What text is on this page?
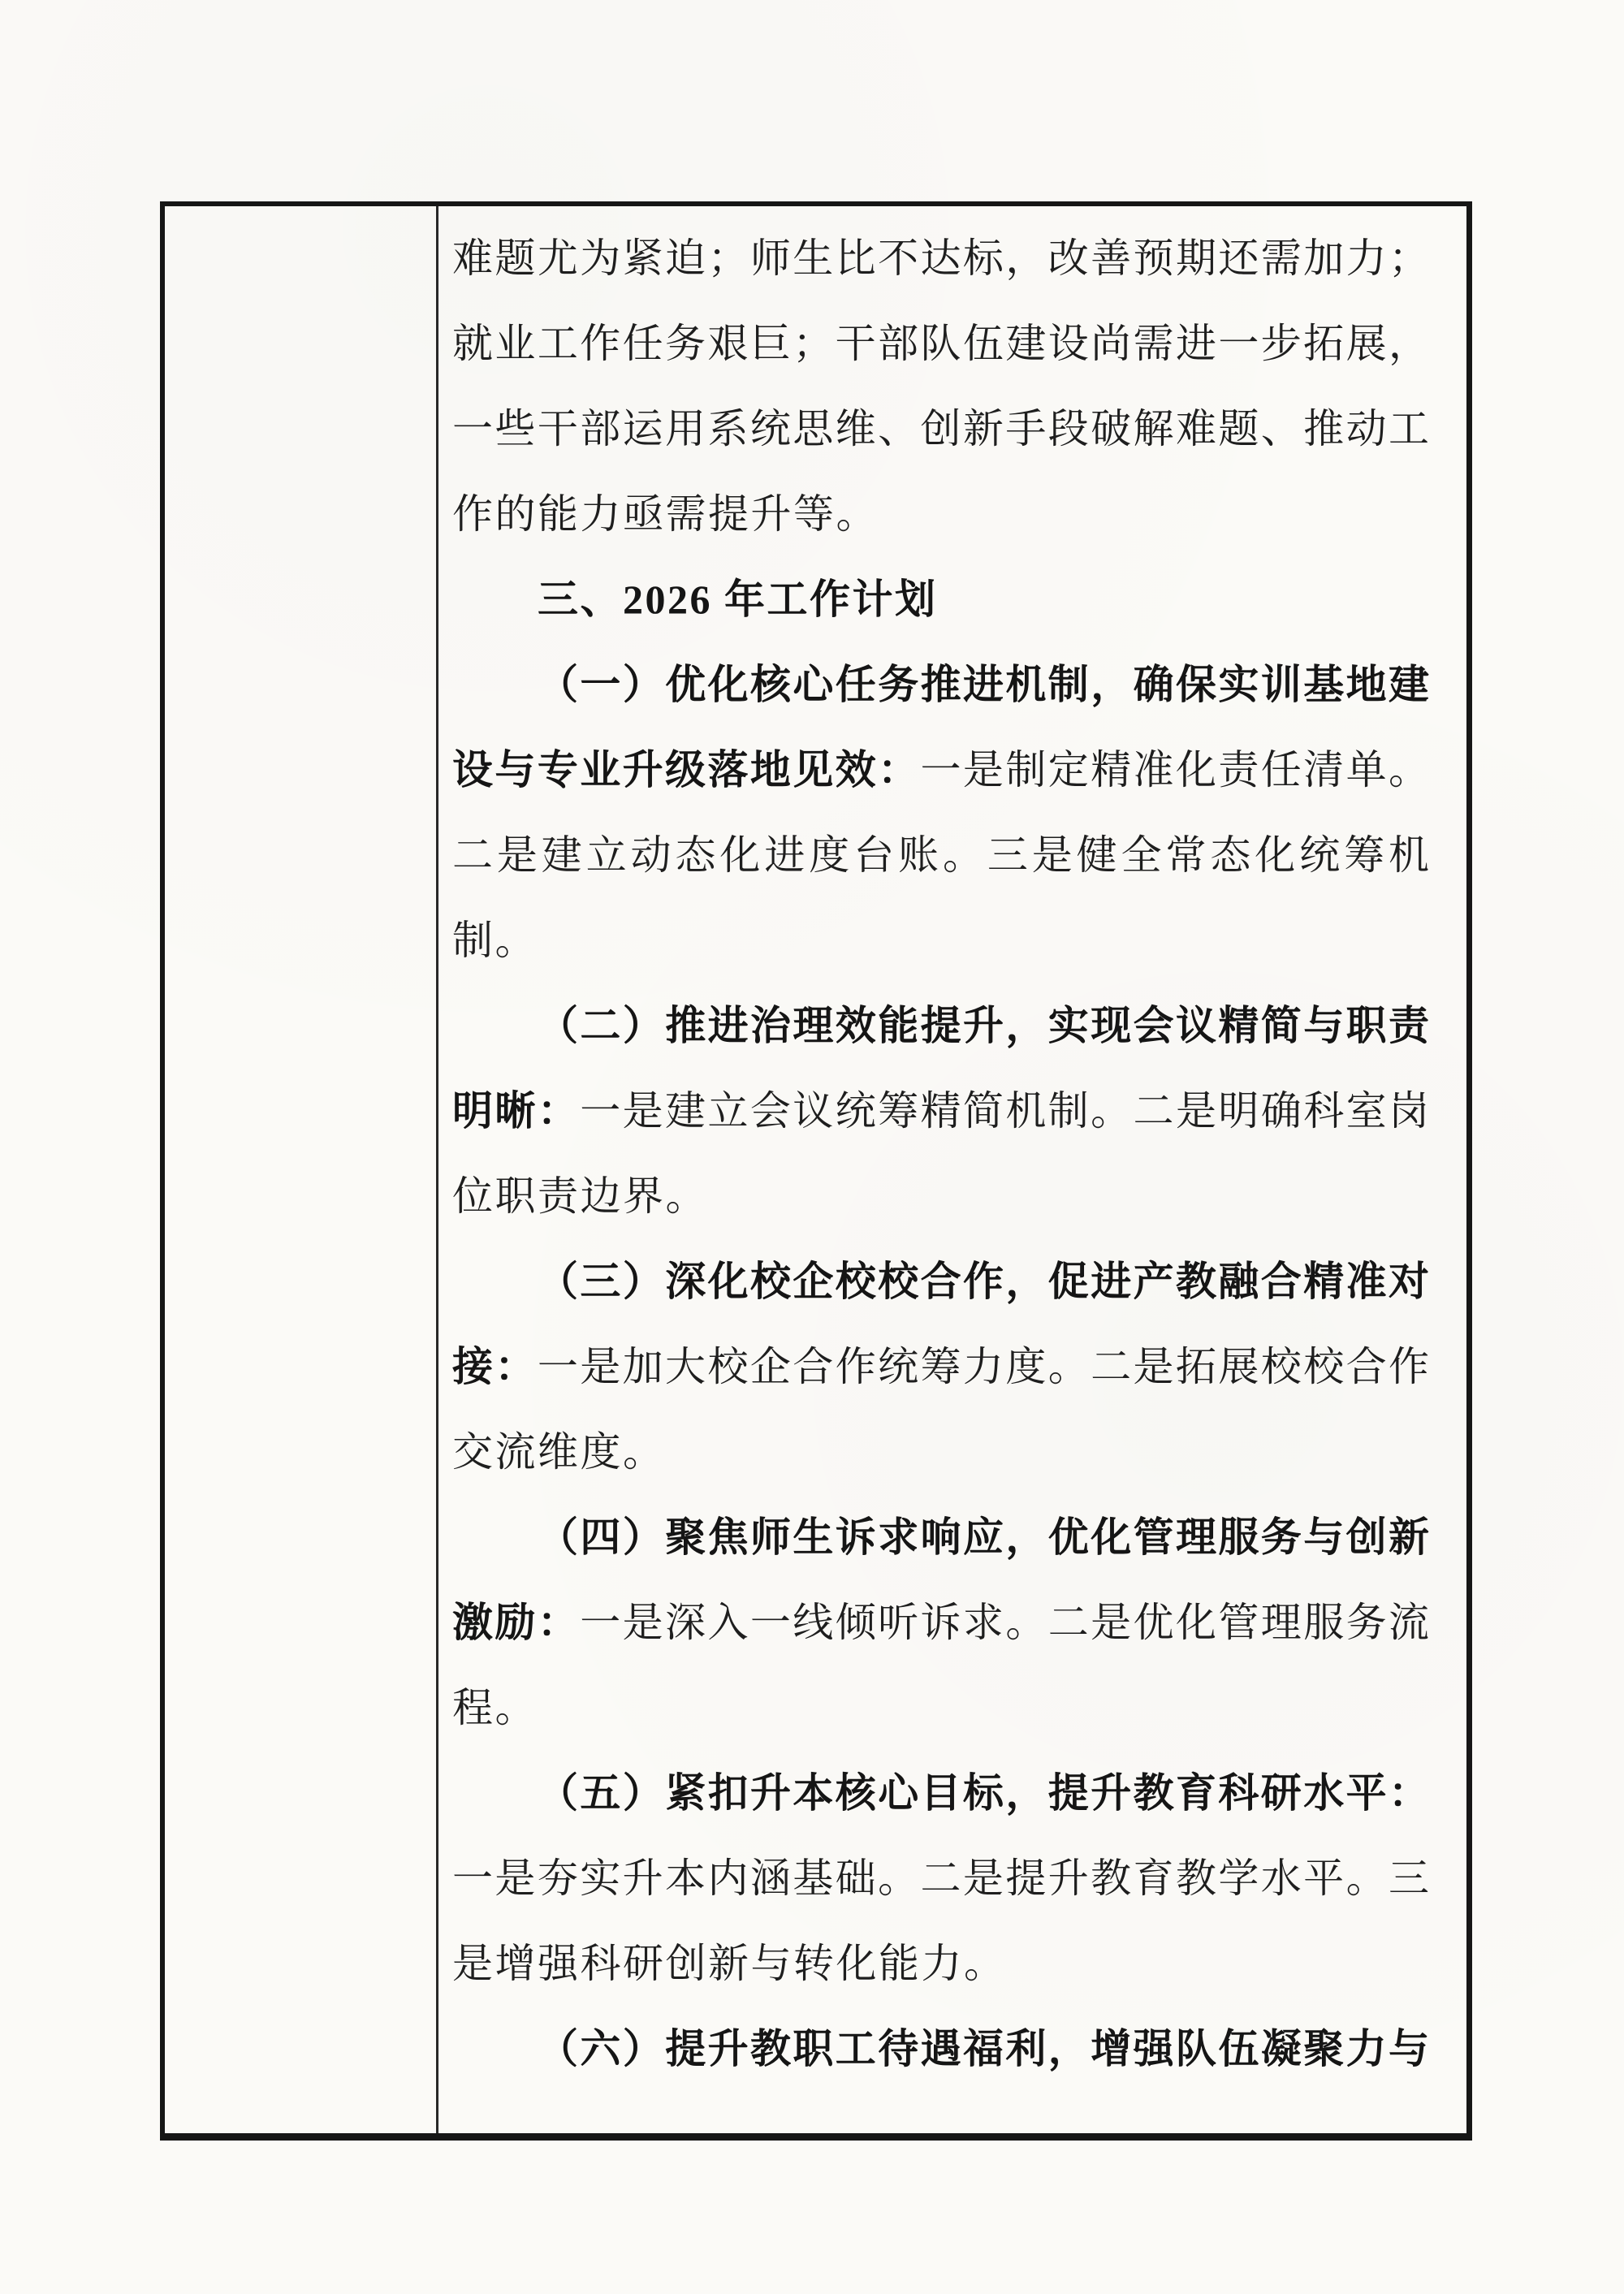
难题尤为紧迫；师生比不达标，改善预期还需加力；
就业工作任务艰巨；干部队伍建设尚需进一步拓展，
一些干部运用系统思维、创新手段破解难题、推动工
作的能力亟需提升等。
三、2026 年工作计划
（一）优化核心任务推进机制，确保实训基地建
设与专业升级落地见效：一是制定精准化责任清单。
二是建立动态化进度台账。三是健全常态化统筹机
制。
（二）推进治理效能提升，实现会议精简与职责
明晰：一是建立会议统筹精简机制。二是明确科室岗
位职责边界。
（三）深化校企校校合作，促进产教融合精准对
接：一是加大校企合作统筹力度。二是拓展校校合作
交流维度。
（四）聚焦师生诉求响应，优化管理服务与创新
激励：一是深入一线倾听诉求。二是优化管理服务流
程。
（五）紧扣升本核心目标，提升教育科研水平：
一是夯实升本内涵基础。二是提升教育教学水平。三
是增强科研创新与转化能力。
（六）提升教职工待遇福利，增强队伍凝聚力与
